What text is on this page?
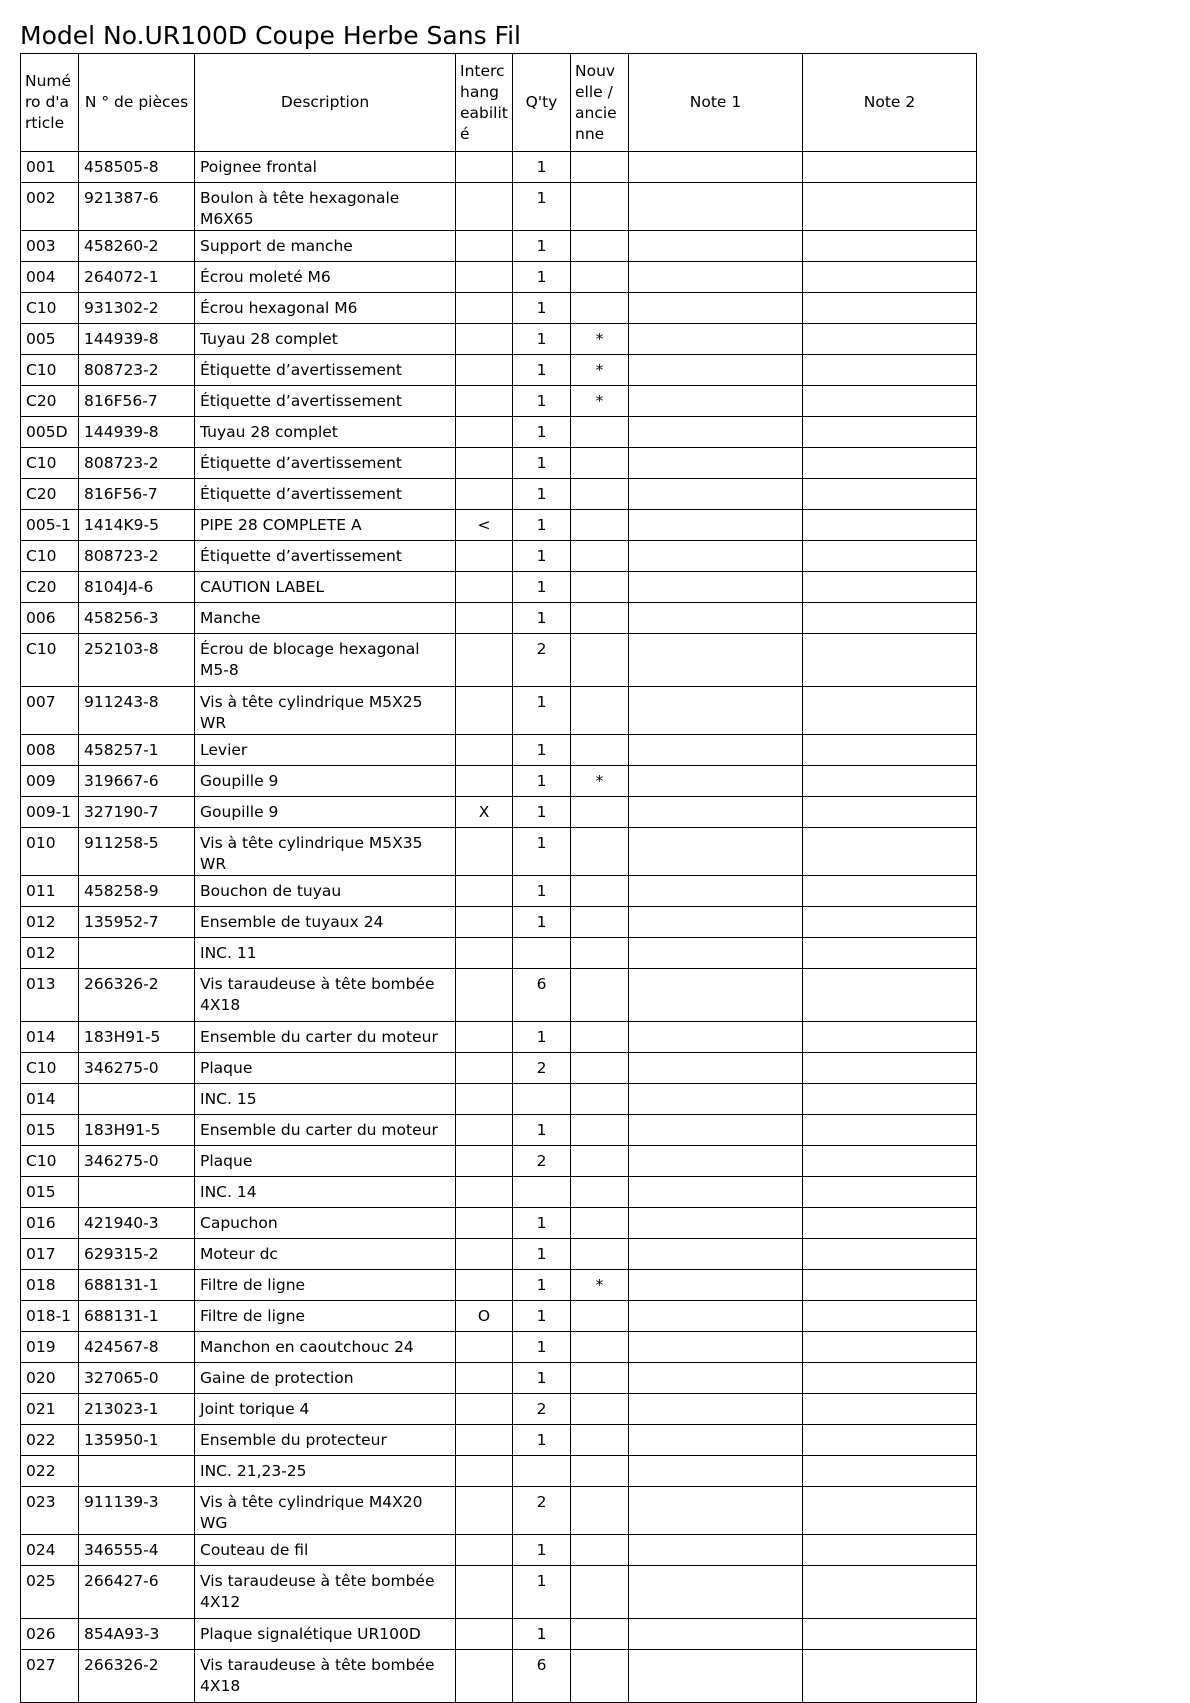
Model No.UR100D Coupe Herbe Sans Fil
Numé ro d'a rticle	N ° de pièces	Description	Interc hang eabilit é	Q'ty	Nouv elle / ancie nne	Note 1	Note 2
001	458505-8	Poignee frontal		1			
002	921387-6	Boulon à tête hexagonale M6X65		1			
003	458260-2	Support de manche		1			
004	264072-1	Écrou moleté M6		1			
C10	931302-2	Écrou hexagonal M6		1			
005	144939-8	Tuyau 28 complet		1	*		
C10	808723-2	Étiquette d’avertissement		1	*		
C20	816F56-7	Étiquette d’avertissement		1	*		
005D	144939-8	Tuyau 28 complet		1			
C10	808723-2	Étiquette d’avertissement		1			
C20	816F56-7	Étiquette d’avertissement		1			
005-1	1414K9-5	PIPE 28 COMPLETE A	<	1			
C10	808723-2	Étiquette d’avertissement		1			
C20	8104J4-6	CAUTION LABEL		1			
006	458256-3	Manche		1			
C10	252103-8	Écrou de blocage hexagonal M5-8		2			
007	911243-8	Vis à tête cylindrique M5X25 WR		1			
008	458257-1	Levier		1			
009	319667-6	Goupille 9		1	*		
009-1	327190-7	Goupille 9	X	1			
010	911258-5	Vis à tête cylindrique M5X35 WR		1			
011	458258-9	Bouchon de tuyau		1			
012	135952-7	Ensemble de tuyaux 24		1			
012		INC. 11					
013	266326-2	Vis taraudeuse à tête bombée 4X18		6			
014	183H91-5	Ensemble du carter du moteur		1			
C10	346275-0	Plaque		2			
014		INC. 15					
015	183H91-5	Ensemble du carter du moteur		1			
C10	346275-0	Plaque		2			
015		INC. 14					
016	421940-3	Capuchon		1			
017	629315-2	Moteur dc		1			
018	688131-1	Filtre de ligne		1	*		
018-1	688131-1	Filtre de ligne	O	1			
019	424567-8	Manchon en caoutchouc 24		1			
020	327065-0	Gaine de protection		1			
021	213023-1	Joint torique 4		2			
022	135950-1	Ensemble du protecteur		1			
022		INC. 21,23-25					
023	911139-3	Vis à tête cylindrique M4X20 WG		2			
024	346555-4	Couteau de fil		1			
025	266427-6	Vis taraudeuse à tête bombée 4X12		1			
026	854A93-3	Plaque signalétique UR100D		1			
027	266326-2	Vis taraudeuse à tête bombée 4X18		6			
